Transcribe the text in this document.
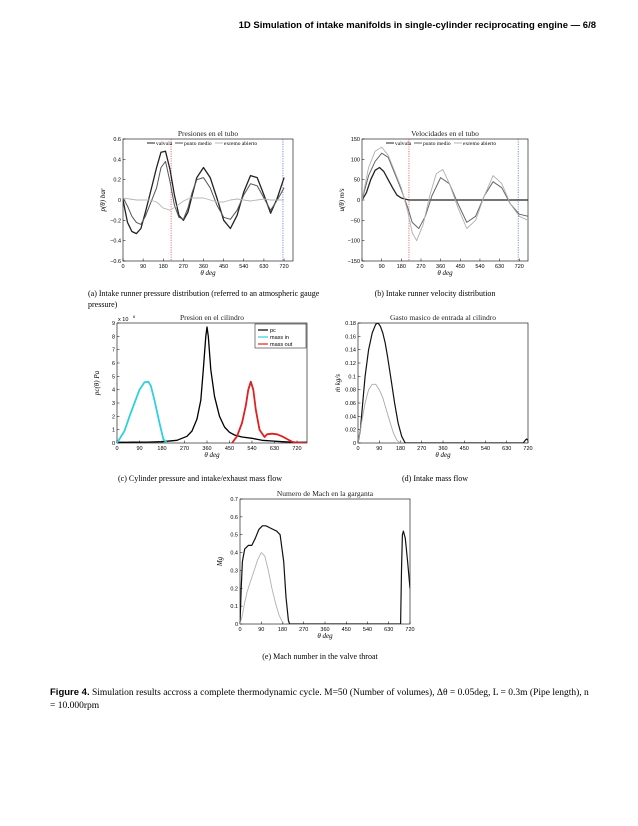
1D Simulation of intake manifolds in single-cylinder reciprocating engine — 6/8
Presiones en el tubo
0	90 180 270 360 450 540 630 720
−0.6
−0.4
−0.2
0
0.2
0.4
0.6
θ deg
p(θ) bar
valvula punto medio exremo abierto
Velocidades en el tubo
0	90 180 270 360 450 540 630 720
−150
−100
−50
0
50
100
150
θ deg
u(θ) m/s
valvula punto medio exremo abierto
Presion en el cilindro
0	90	180 270 360 450 540 630 720
0
1
2
3
4
5
6
7
8
9
θ deg
pc(θ) Pa
x 10
6
pc
mass in
mass out
Gasto masico de entrada al cilindro
0	90 180 270 360 450 540 630 720
0
0.02
0.04
0.06
0.08
0.1
0.12
0.14
0.16
0.18
θ deg
ṁ kg/s
Numero de Mach en la garganta
0	90 180 270 360 450 540 630 720
0
0.1
0.2
0.3
0.4
0.5
0.6
0.7
θ deg
Mg
(a) Intake runner pressure distribution (referred to an atmospheric gauge pressure)
(b) Intake runner velocity distribution
(c) Cylinder pressure and intake/exhaust mass flow	(d) Intake mass flow
(e) Mach number in the valve throat
Figure 4. Simulation results accross a complete thermodynamic cycle. M=50 (Number of volumes), Δθ = 0.05deg, L = 0.3m (Pipe length), n = 10.000rpm
